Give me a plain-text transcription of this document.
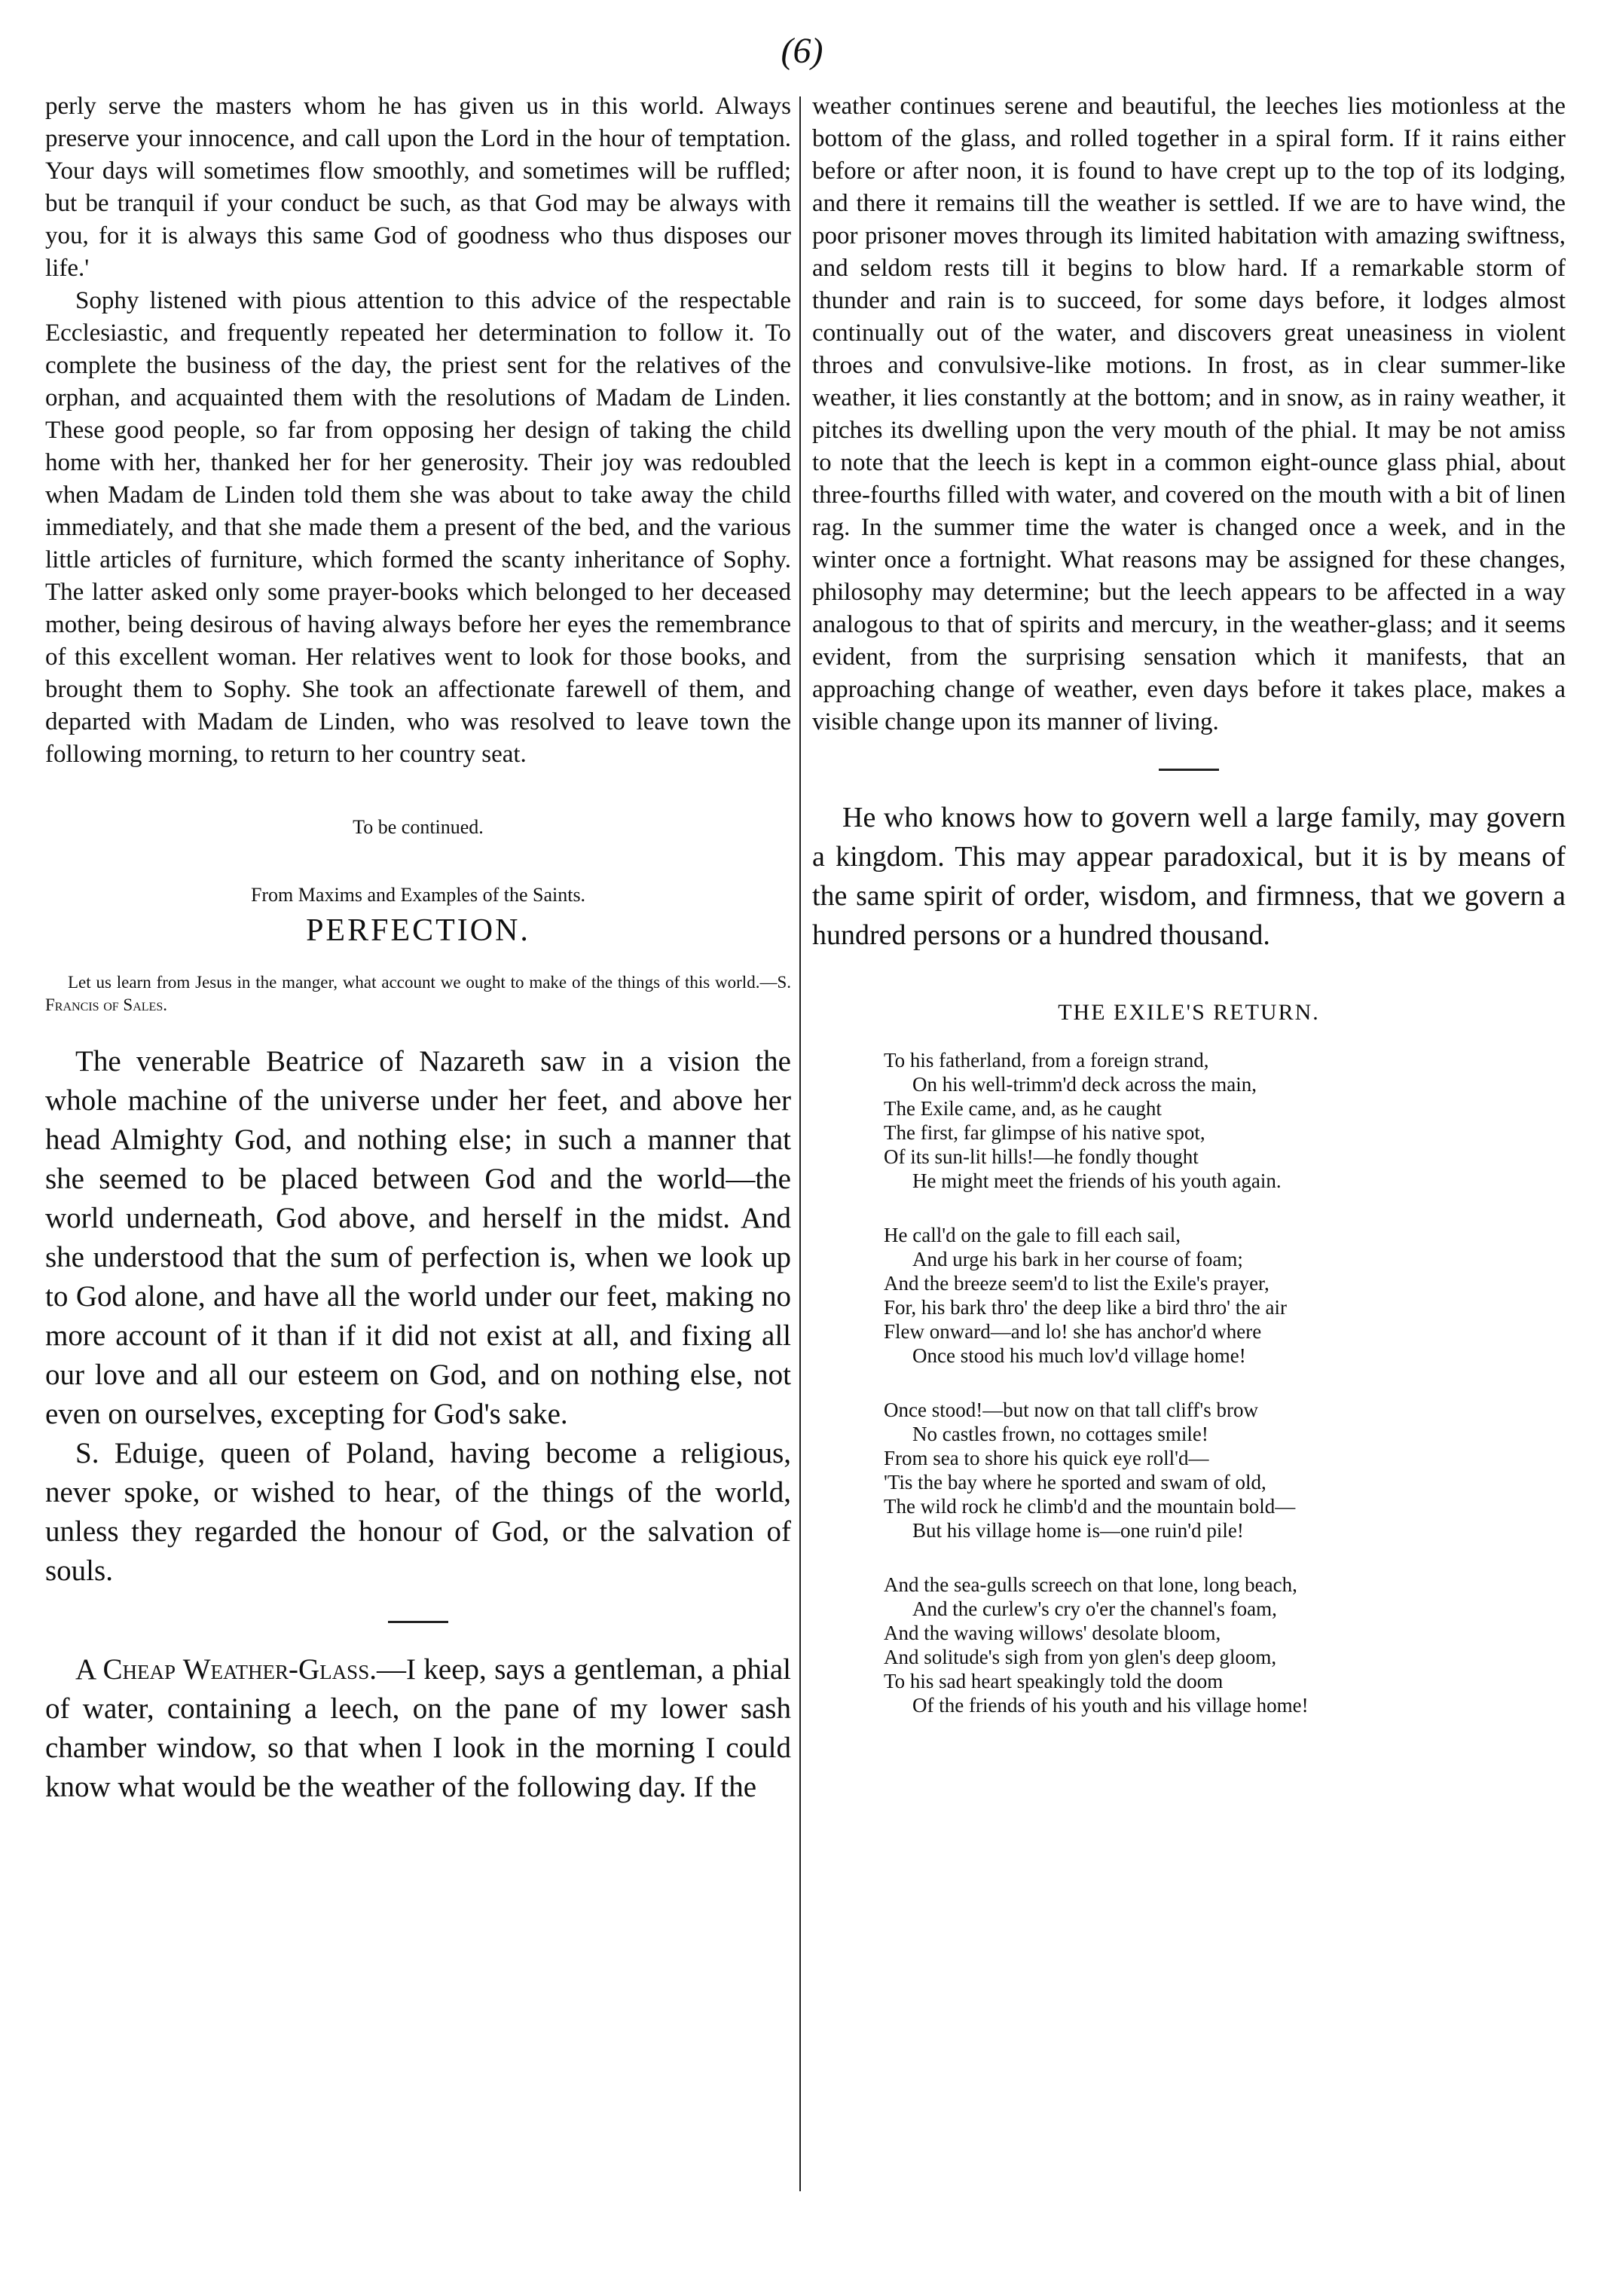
(6)

perly serve the masters whom he has given us in this world. Always preserve your innocence, and call upon the Lord in the hour of temptation. Your days will sometimes flow smoothly, and sometimes will be ruffled; but be tranquil if your conduct be such, as that God may be always with you, for it is always this same God of goodness who thus disposes our life.'

Sophy listened with pious attention to this advice of the respectable Ecclesiastic, and frequently repeated her determination to follow it. To complete the business of the day, the priest sent for the relatives of the orphan, and acquainted them with the resolutions of Madam de Linden. These good people, so far from opposing her design of taking the child home with her, thanked her for her generosity. Their joy was redoubled when Madam de Linden told them she was about to take away the child immediately, and that she made them a present of the bed, and the various little articles of furniture, which formed the scanty inheritance of Sophy. The latter asked only some prayer-books which belonged to her deceased mother, being desirous of having always before her eyes the remembrance of this excellent woman. Her relatives went to look for those books, and brought them to Sophy. She took an affectionate farewell of them, and departed with Madam de Linden, who was resolved to leave town the following morning, to return to her country seat.

To be continued.

From Maxims and Examples of the Saints.

PERFECTION.

Let us learn from Jesus in the manger, what account we ought to make of the things of this world.—S. Francis of Sales.

The venerable Beatrice of Nazareth saw in a vision the whole machine of the universe under her feet, and above her head Almighty God, and nothing else; in such a manner that she seemed to be placed between God and the world—the world underneath, God above, and herself in the midst. And she understood that the sum of perfection is, when we look up to God alone, and have all the world under our feet, making no more account of it than if it did not exist at all, and fixing all our love and all our esteem on God, and on nothing else, not even on ourselves, excepting for God's sake.

S. Eduige, queen of Poland, having become a religious, never spoke, or wished to hear, of the things of the world, unless they regarded the honour of God, or the salvation of souls.

A Cheap Weather-Glass.—I keep, says a gentleman, a phial of water, containing a leech, on the pane of my lower sash chamber window, so that when I look in the morning I could know what would be the weather of the following day. If the

weather continues serene and beautiful, the leeches lies motionless at the bottom of the glass, and rolled together in a spiral form. If it rains either before or after noon, it is found to have crept up to the top of its lodging, and there it remains till the weather is settled. If we are to have wind, the poor prisoner moves through its limited habitation with amazing swiftness, and seldom rests till it begins to blow hard. If a remarkable storm of thunder and rain is to succeed, for some days before, it lodges almost continually out of the water, and discovers great uneasiness in violent throes and convulsive-like motions. In frost, as in clear summer-like weather, it lies constantly at the bottom; and in snow, as in rainy weather, it pitches its dwelling upon the very mouth of the phial. It may be not amiss to note that the leech is kept in a common eight-ounce glass phial, about three-fourths filled with water, and covered on the mouth with a bit of linen rag. In the summer time the water is changed once a week, and in the winter once a fortnight. What reasons may be assigned for these changes, philosophy may determine; but the leech appears to be affected in a way analogous to that of spirits and mercury, in the weather-glass; and it seems evident, from the surprising sensation which it manifests, that an approaching change of weather, even days before it takes place, makes a visible change upon its manner of living.

He who knows how to govern well a large family, may govern a kingdom. This may appear paradoxical, but it is by means of the same spirit of order, wisdom, and firmness, that we govern a hundred persons or a hundred thousand.

THE EXILE'S RETURN.
To his fatherland, from a foreign strand,
On his well-trimm'd deck across the main,
The Exile came, and, as he caught
The first, far glimpse of his native spot,
Of its sun-lit hills!—he fondly thought
He might meet the friends of his youth again.
He call'd on the gale to fill each sail,
And urge his bark in her course of foam;
And the breeze seem'd to list the Exile's prayer,
For, his bark thro' the deep like a bird thro' the air
Flew onward—and lo! she has anchor'd where
Once stood his much lov'd village home!
Once stood!—but now on that tall cliff's brow
No castles frown, no cottages smile!
From sea to shore his quick eye roll'd—
'Tis the bay where he sported and swam of old,
The wild rock he climb'd and the mountain bold—
But his village home is—one ruin'd pile!
And the sea-gulls screech on that lone, long beach,
And the curlew's cry o'er the channel's foam,
And the waving willows' desolate bloom,
And solitude's sigh from yon glen's deep gloom,
To his sad heart speakingly told the doom
Of the friends of his youth and his village home!
